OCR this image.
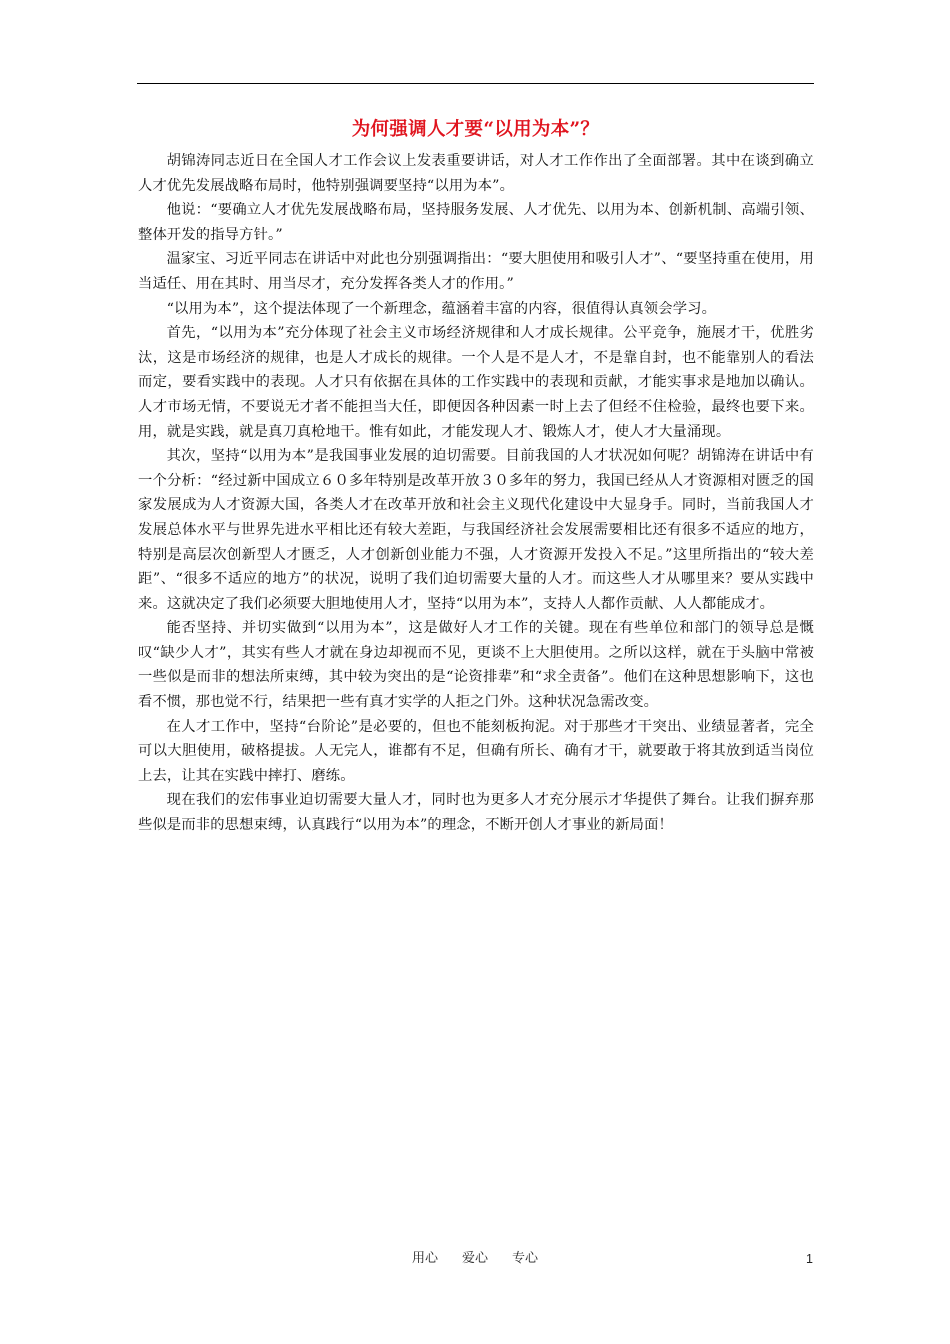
为何强调人才要“以用为本”？

胡锦涛同志近日在全国人才工作会议上发表重要讲话，对人才工作作出了全面部署。其中在谈到确立人才优先发展战略布局时，他特别强调要坚持“以用为本”。

他说：“要确立人才优先发展战略布局，坚持服务发展、人才优先、以用为本、创新机制、高端引领、整体开发的指导方针。”

温家宝、习近平同志在讲话中对此也分别强调指出：“要大胆使用和吸引人才”、“要坚持重在使用，用当适任、用在其时、用当尽才，充分发挥各类人才的作用。”

“以用为本”，这个提法体现了一个新理念，蕴涵着丰富的内容，很值得认真领会学习。

首先，“以用为本”充分体现了社会主义市场经济规律和人才成长规律。公平竞争，施展才干，优胜劣汰，这是市场经济的规律，也是人才成长的规律。一个人是不是人才，不是靠自封，也不能靠别人的看法而定，要看实践中的表现。人才只有依据在具体的工作实践中的表现和贡献，才能实事求是地加以确认。人才市场无情，不要说无才者不能担当大任，即便因各种因素一时上去了但经不住检验，最终也要下来。用，就是实践，就是真刀真枪地干。惟有如此，才能发现人才、锻炼人才，使人才大量涌现。

其次，坚持“以用为本”是我国事业发展的迫切需要。目前我国的人才状况如何呢？胡锦涛在讲话中有一个分析：“经过新中国成立６０多年特别是改革开放３０多年的努力，我国已经从人才资源相对匮乏的国家发展成为人才资源大国，各类人才在改革开放和社会主义现代化建设中大显身手。同时，当前我国人才发展总体水平与世界先进水平相比还有较大差距，与我国经济社会发展需要相比还有很多不适应的地方，特别是高层次创新型人才匮乏，人才创新创业能力不强，人才资源开发投入不足。”这里所指出的“较大差距”、“很多不适应的地方”的状况，说明了我们迫切需要大量的人才。而这些人才从哪里来？要从实践中来。这就决定了我们必须要大胆地使用人才，坚持“以用为本”，支持人人都作贡献、人人都能成才。

能否坚持、并切实做到“以用为本”，这是做好人才工作的关键。现在有些单位和部门的领导总是慨叹“缺少人才”，其实有些人才就在身边却视而不见，更谈不上大胆使用。之所以这样，就在于头脑中常被一些似是而非的想法所束缚，其中较为突出的是“论资排辈”和“求全责备”。他们在这种思想影响下，这也看不惯，那也觉不行，结果把一些有真才实学的人拒之门外。这种状况急需改变。

在人才工作中，坚持“台阶论”是必要的，但也不能刻板拘泥。对于那些才干突出、业绩显著者，完全可以大胆使用，破格提拔。人无完人，谁都有不足，但确有所长、确有才干，就要敢于将其放到适当岗位上去，让其在实践中摔打、磨练。

现在我们的宏伟事业迫切需要大量人才，同时也为更多人才充分展示才华提供了舞台。让我们摒弃那些似是而非的思想束缚，认真践行“以用为本”的理念，不断开创人才事业的新局面！

用心 爱心 专心	1
